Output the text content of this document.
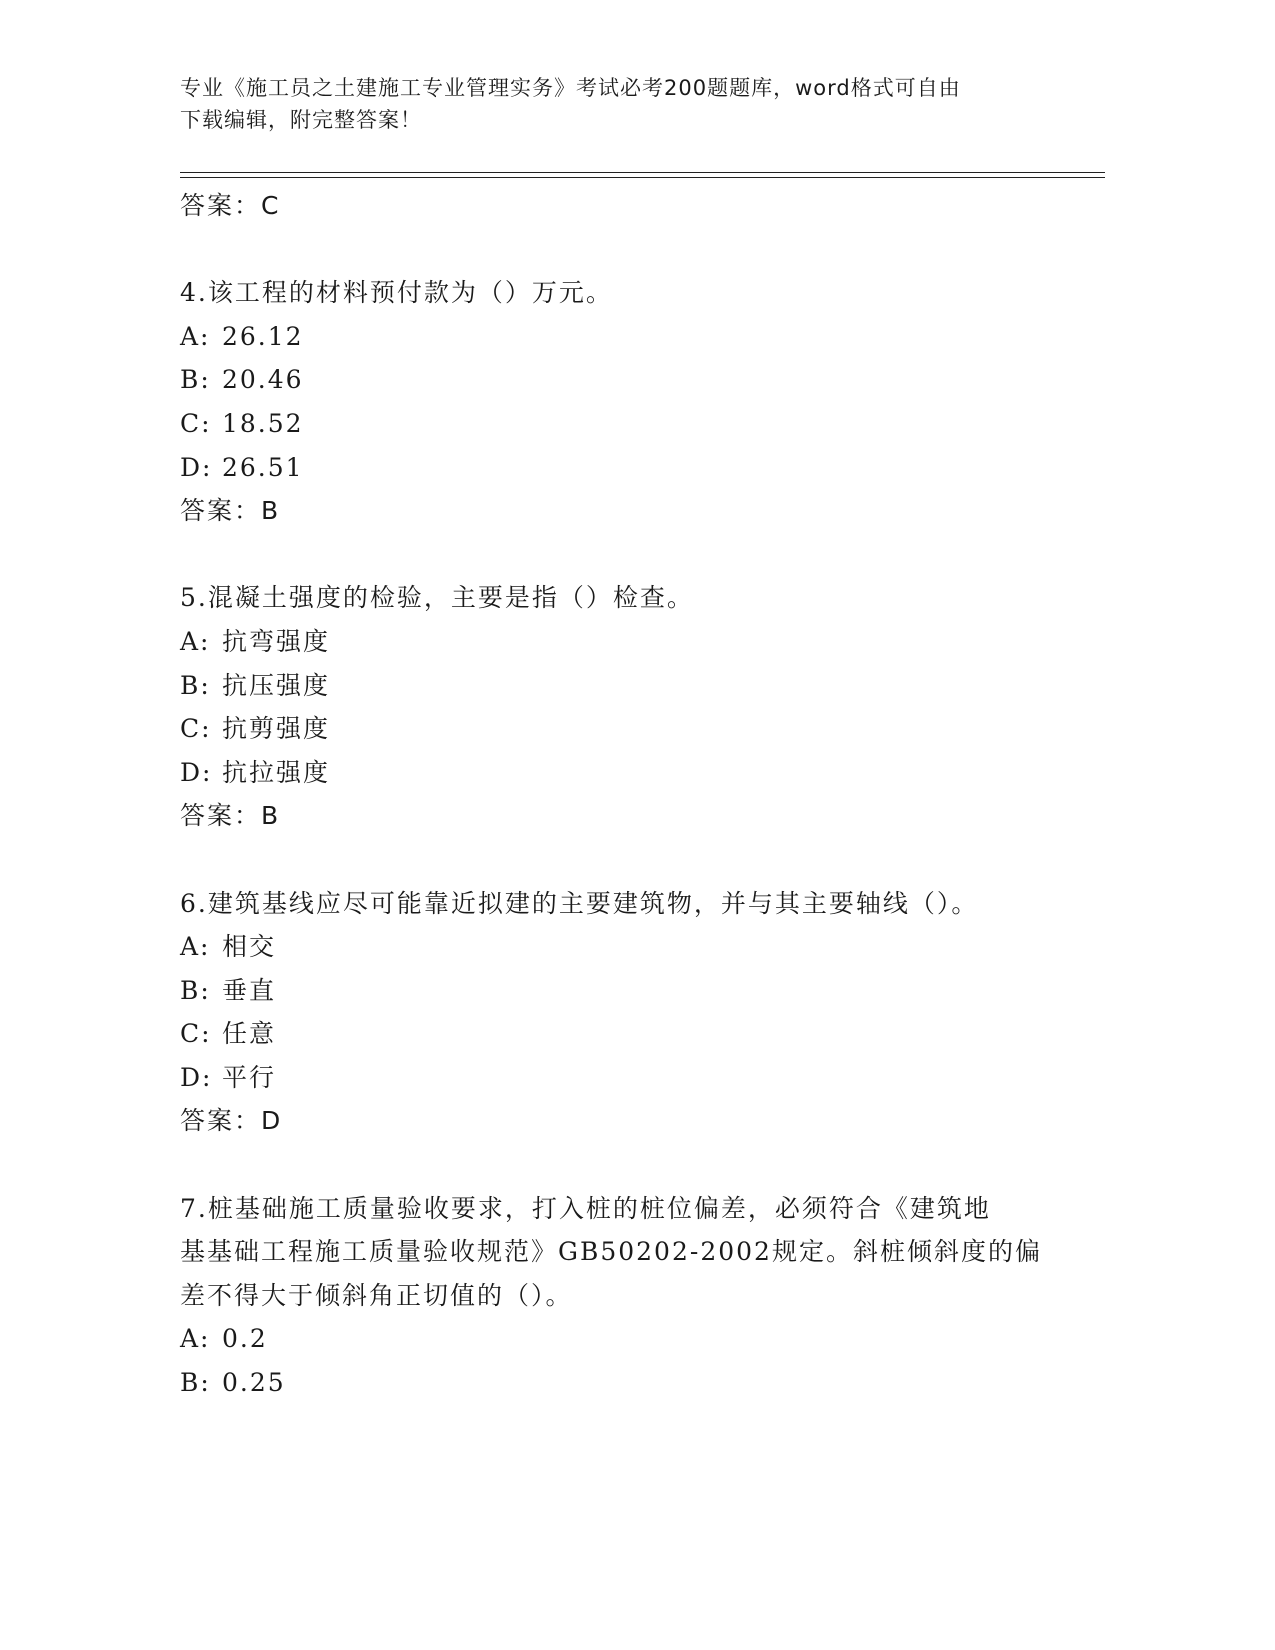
专业《施工员之土建施工专业管理实务》考试必考200题题库，word格式可自由
下载编辑，附完整答案！
答案：C
4.该工程的材料预付款为（）万元。
A: 26.12
B: 20.46
C: 18.52
D: 26.51
答案：B
5.混凝土强度的检验，主要是指（）检查。
A: 抗弯强度
B: 抗压强度
C: 抗剪强度
D: 抗拉强度
答案：B
6.建筑基线应尽可能靠近拟建的主要建筑物，并与其主要轴线（）。
A: 相交
B: 垂直
C: 任意
D: 平行
答案：D
7.桩基础施工质量验收要求，打入桩的桩位偏差，必须符合《建筑地
基基础工程施工质量验收规范》GB50202-2002规定。斜桩倾斜度的偏
差不得大于倾斜角正切值的（）。
A: 0.2
B: 0.25
